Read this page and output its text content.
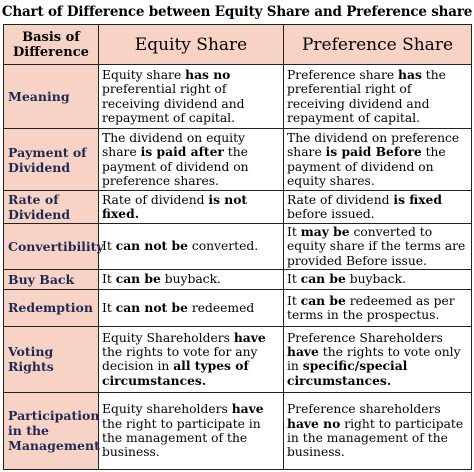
Chart of Difference between Equity Share and Preference share
Basis of Difference	Equity Share	Preference Share
Meaning	Equity share has no preferential right of receiving dividend and repayment of capital.	Preference share has the preferential right of receiving dividend and repayment of capital.
Payment of Dividend	The dividend on equity share is paid after the payment of dividend on preference shares.	The dividend on preference share is paid Before the payment of dividend on equity shares.
Rate of Dividend	Rate of dividend is not fixed.	Rate of dividend is fixed before issued.
Convertibility	It can not be converted.	It may be converted to equity share if the terms are provided Before issue.
Buy Back	It can be buyback.	It can be buyback.
Redemption	It can not be redeemed	It can be redeemed as per terms in the prospectus.
Voting Rights	Equity Shareholders have the rights to vote for any decision in all types of circumstances.	Preference Shareholders have the rights to vote only in specific/special circumstances.
Participation in the Management	Equity shareholders have the right to participate in the management of the business.	Preference shareholders have no right to participate in the management of the business.
